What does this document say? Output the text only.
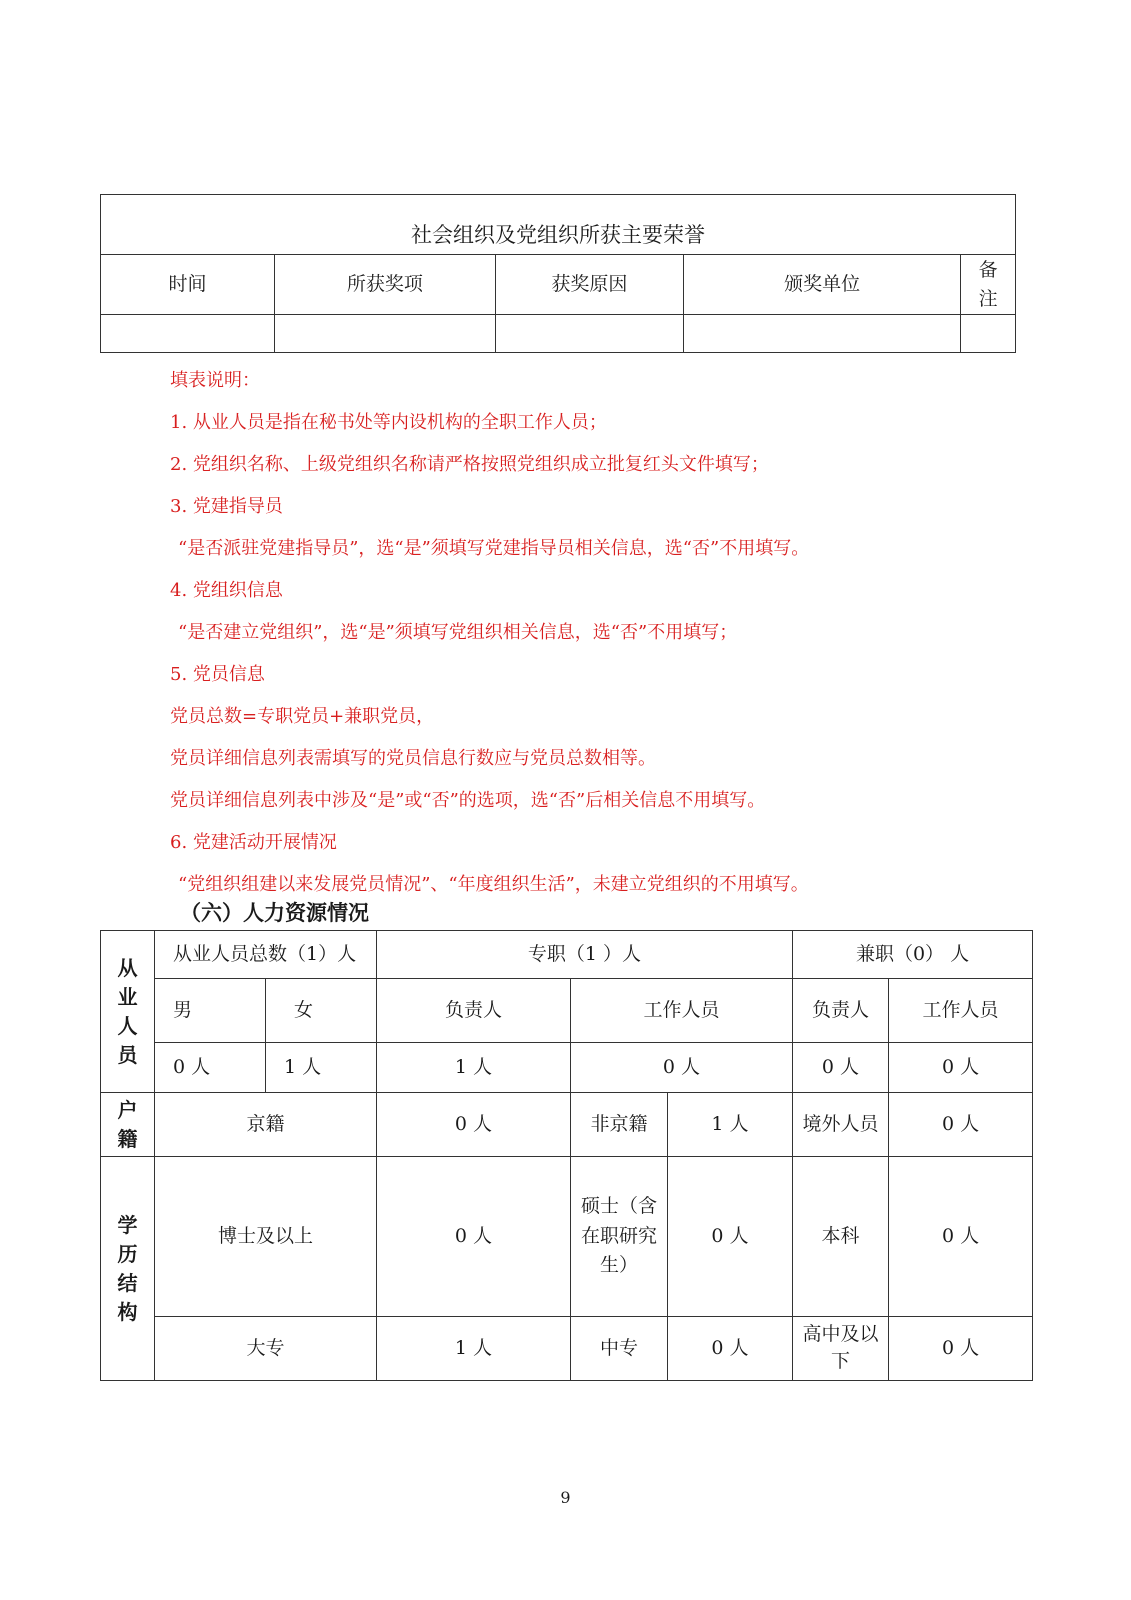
社会组织及党组织所获主要荣誉				
时间	所获奖项	获奖原因	颁奖单位	备注

填表说明：

1. 从业人员是指在秘书处等内设机构的全职工作人员；

2. 党组织名称、上级党组织名称请严格按照党组织成立批复红头文件填写；

3. 党建指导员

“是否派驻党建指导员”，选“是”须填写党建指导员相关信息，选“否”不用填写。

4. 党组织信息

“是否建立党组织”，选“是”须填写党组织相关信息，选“否”不用填写；

5. 党员信息

党员总数=专职党员+兼职党员，

党员详细信息列表需填写的党员信息行数应与党员总数相等。

党员详细信息列表中涉及“是”或“否”的选项，选“否”后相关信息不用填写。

6. 党建活动开展情况

“党组织组建以来发展党员情况”、“年度组织生活”，未建立党组织的不用填写。

（六）人力资源情况
从业人员	从业人员总数（1）人		专职（1 ）人			兼职（0） 人	
	男	女	负责人	工作人员		负责人	工作人员
	0 人	1 人	1 人	0 人		0 人	0 人
户籍	京籍		0 人	非京籍	1 人	境外人员	0 人
学历结构	博士及以上		0 人	硕士（含在职研究生）	0 人	本科	0 人
	大专		1 人	中专	0 人	高中及以下	0 人
9
